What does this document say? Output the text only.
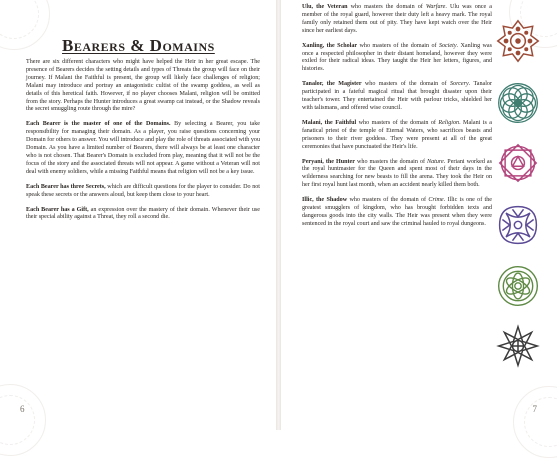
Bearers & Domains

There are six different characters who might have helped the Heir in her great escape. The presence of Bearers decides the setting details and types of Threats the group will face on their journey. If Malani the Faithful is present, the group will likely face challenges of religion; Malani may introduce and portray an antagonistic cultist of the swamp goddess, as well as details of this heretical faith. However, if no player chooses Malani, religion will be omitted from the story. Perhaps the Hunter introduces a great swamp cat instead, or the Shadow reveals the secret smuggling route through the mire?

Each Bearer is the master of one of the Domains. By selecting a Bearer, you take responsibility for managing their domain. As a player, you raise questions concerning your Domain for others to answer. You will introduce and play the role of threats associated with you Domain. As you have a limited number of Bearers, there will always be at least one character who is not chosen. That Bearer's Domain is excluded from play, meaning that it will not be the focus of the story and the associated threats will not appear. A game without a Veteran will not deal with enemy soldiers, while a missing Faithful means that religion will not be a key issue.

Each Bearer has three Secrets, which are difficult questions for the player to consider. Do not speak these secrets or the answers aloud, but keep them close to your heart.

Each Bearer has a Gift, an expression over the mastery of their domain. Whenever their use their special ability against a Threat, they roll a second die.

6	7

Ulu, the Veteran who masters the domain of Warfare. Ulu was once a member of the royal guard, however their duty left a heavy mark. The royal family only retained them out of pity. They have kept watch over the Heir since her earliest days.

Xanling, the Scholar who masters of the domain of Society. Xanling was once a respected philosopher in their distant homeland, however they were exiled for their radical ideas. They taught the Heir her letters, figures, and histories.

Tanalor, the Magister who masters of the domain of Sorcery. Tanalor participated in a fateful magical ritual that brought disaster upon their teacher's tower. They entertained the Heir with parlour tricks, shielded her with talismans, and offered wise council.

Malani, the Faithful who masters of the domain of Religion. Malani is a fanatical priest of the temple of Eternal Waters, who sacrifices beasts and prisoners to their river goddess. They were present at all of the great ceremonies that have punctuated the Heir's life.

Peryani, the Hunter who masters the domain of Nature. Periani worked as the royal huntmaster for the Queen and spent most of their days in the wilderness searching for new beasts to fill the arena. They took the Heir on her first royal hunt last month, when an accident nearly killed them both.

Illic, the Shadow who masters of the domain of Crime. Illic is one of the greatest smugglers of kingdom, who has brought forbidden texts and dangerous goods into the city walls. The Heir was present when they were sentenced in the royal court and saw the criminal hauled to royal dungeons.
